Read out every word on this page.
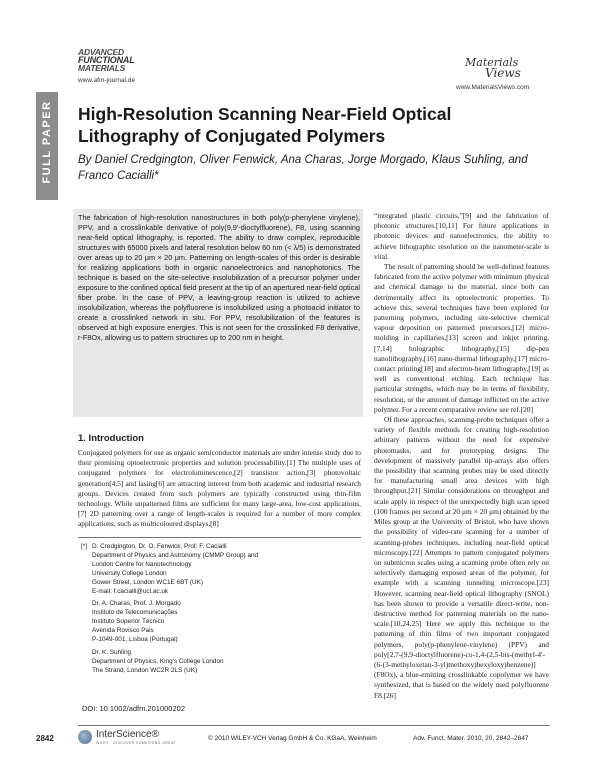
FULL PAPER
ADVANCED
FUNCTIONAL
MATERIALS
www.afm-journal.de
Materials
Views
www.MaterialsViews.com
High-Resolution Scanning Near-Field Optical Lithography of Conjugated Polymers
By Daniel Credgington, Oliver Fenwick, Ana Charas, Jorge Morgado, Klaus Suhling, and Franco Cacialli*
The fabrication of high-resolution nanostructures in both poly(p-phenylene vinylene), PPV, and a crosslinkable derivative of poly(9,9′-dioctylfluorene), F8, using scanning near-field optical lithography, is reported. The ability to draw complex, reproducible structures with 65000 pixels and lateral resolution below 60 nm (< λ/5) is demonstrated over areas up to 20 μm × 20 μm. Patterning on length-scales of this order is desirable for realizing applications both in organic nanoelectronics and nanophotonics. The technique is based on the site-selective insolubilization of a precursor polymer under exposure to the confined optical field present at the tip of an apertured near-field optical fiber probe. In the case of PPV, a leaving-group reaction is utilized to achieve insolubilization, whereas the polyfluorene is insolubilized using a photoacid initiator to create a crosslinked network in situ. For PPV, resolubilization of the features is observed at high exposure energies. This is not seen for the crosslinked F8 derivative, r-F8Ox, allowing us to pattern structures up to 200 nm in height.
1. Introduction

Conjugated polymers for use as organic semiconductor materials are under intense study due to their promising optoelectronic properties and solution processability.[1] The multiple uses of conjugated polymers for electroluminescence,[2] transistor action,[3] photovoltaic generation[4,5] and lasing[6] are attracting interest from both academic and industrial research groups. Devices created from such polymers are typically constructed using thin-film technology. While unpatterned films are sufficient for many large-area, low-cost applications,[7] 2D patterning over a range of length-scales is required for a number of more complex applications, such as multicoloured displays,[8]

[*] D. Credgington, Dr. O. Fenwick, Prof. F. Cacialli
Department of Physics and Astronomy (CMMP Group) and
London Centre for Nanotechnology
University College London
Gower Street, London WC1E 6BT (UK)
E-mail: f.cacialli@ucl.ac.uk
Dr. A. Charas, Prof. J. Morgado
Instituto de Telecomunicações
Instituto Superior Técnico
Avenida Rovisco Pais
P-1049-001, Lisboa (Portugal)
Dr. K. Suhling
Department of Physics, King's College London
The Strand, London WC2R 2LS (UK)
DOI: 10.1002/adfm.201000202

“integrated plastic circuits,”[9] and the fabrication of photonic structures.[10,11] For future applications in photonic devices and nanoelectronics, the ability to achieve lithographic resolution on the nanometer-scale is vital.

The result of patterning should be well-defined features fabricated from the active polymer with minimum physical and chemical damage to the material, since both can detrimentally affect its optoelectronic properties. To achieve this, several techniques have been explored for patterning polymers, including site-selective chemical vapour deposition on patterned precursors,[12] micro-molding in capillaries,[13] screen and inkjet printing,[7,14] holographic lithography,[15] dip-pen nanolithography,[16] nano-thermal lithography,[17] micro-contact printing[18] and electron-beam lithography,[19] as well as conventional etching. Each technique has particular strengths, which may be in terms of flexibility, resolution, or the amount of damage inflicted on the active polymer. For a recent comparative review see ref.[20]

Of these approaches, scanning-probe techniques offer a variety of flexible methods for creating high-resolution arbitrary patterns without the need for expensive photomasks, and for prototyping designs. The development of massively parallel tip-arrays also offers the possibility that scanning probes may be used directly for manufacturing small area devices with high throughput.[21] Similar considerations on throughput and scale apply in respect of the unexpectedly high scan speed (100 frames per second at 20 μm × 20 μm) obtained by the Miles group at the University of Bristol, who have shown the possibility of video-rate scanning for a number of scanning-probes techniques, including near-field optical microscopy.[22] Attempts to pattern conjugated polymers on submicron scales using a scanning probe often rely on selectively damaging exposed areas of the polymer, for example with a scanning tunneling microscope.[23] However, scanning near-field optical lithography (SNOL) has been shown to provide a versatile direct-write, non-destructive method for patterning materials on the nano-scale.[10,24,25] Here we apply this technique to the patterning of thin films of two important conjugated polymers, poly(p-phenylene-vinylene) (PPV) and poly[2,7-(9,9-dioctylfluorene)-co-1,4-(2,5-bis-(methyl-4′-(6-(3-methyloxetan-3-yl)methoxy)hexyloxy)benzene)] (F8Ox), a blue-emitting crosslinkable copolymer we have synthesized, that is based on the widely used polyfluorene F8.[26]

2842	InterScience®
WILEY · DISCOVER SOMETHING GREAT
© 2010 WILEY-VCH Verlag GmbH & Co. KGaA, Weinheim	Adv. Funct. Mater. 2010, 20, 2842–2847
